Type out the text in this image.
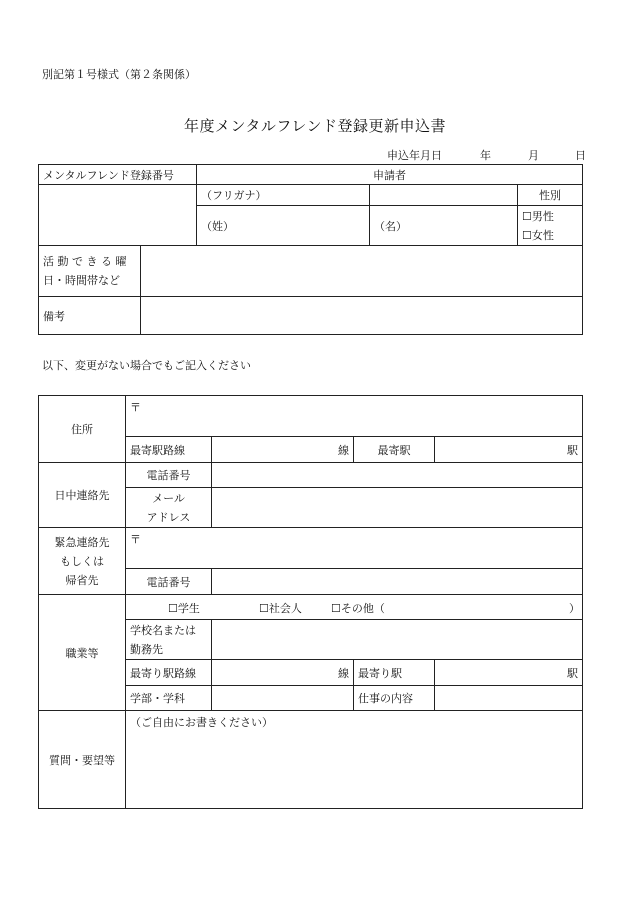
別記第１号様式（第２条関係）
年度メンタルフレンド登録更新申込書
申込年月日	年	月	日
メンタルフレンド登録番号		申請者		
		（フリガナ）		性別
		（姓）	（名）	☐男性
☐女性

活 動 で き る 曜
日・時間帯など				

備考				
以下、変更がない場合でもご記入ください
住所	〒			
	最寄駅路線	線	最寄駅	駅
日中連絡先	電話番号			

	メール
アドレス			

緊急連絡先
もしくは
帰省先	〒			
	電話番号			
職業等	☐学生 ☐社会人 ☐その他（ ）			

	学校名または
勤務先			

	最寄り駅路線	線	最寄り駅	駅
	学部・学科		仕事の内容	
質問・要望等	（ご自由にお書きください）			
